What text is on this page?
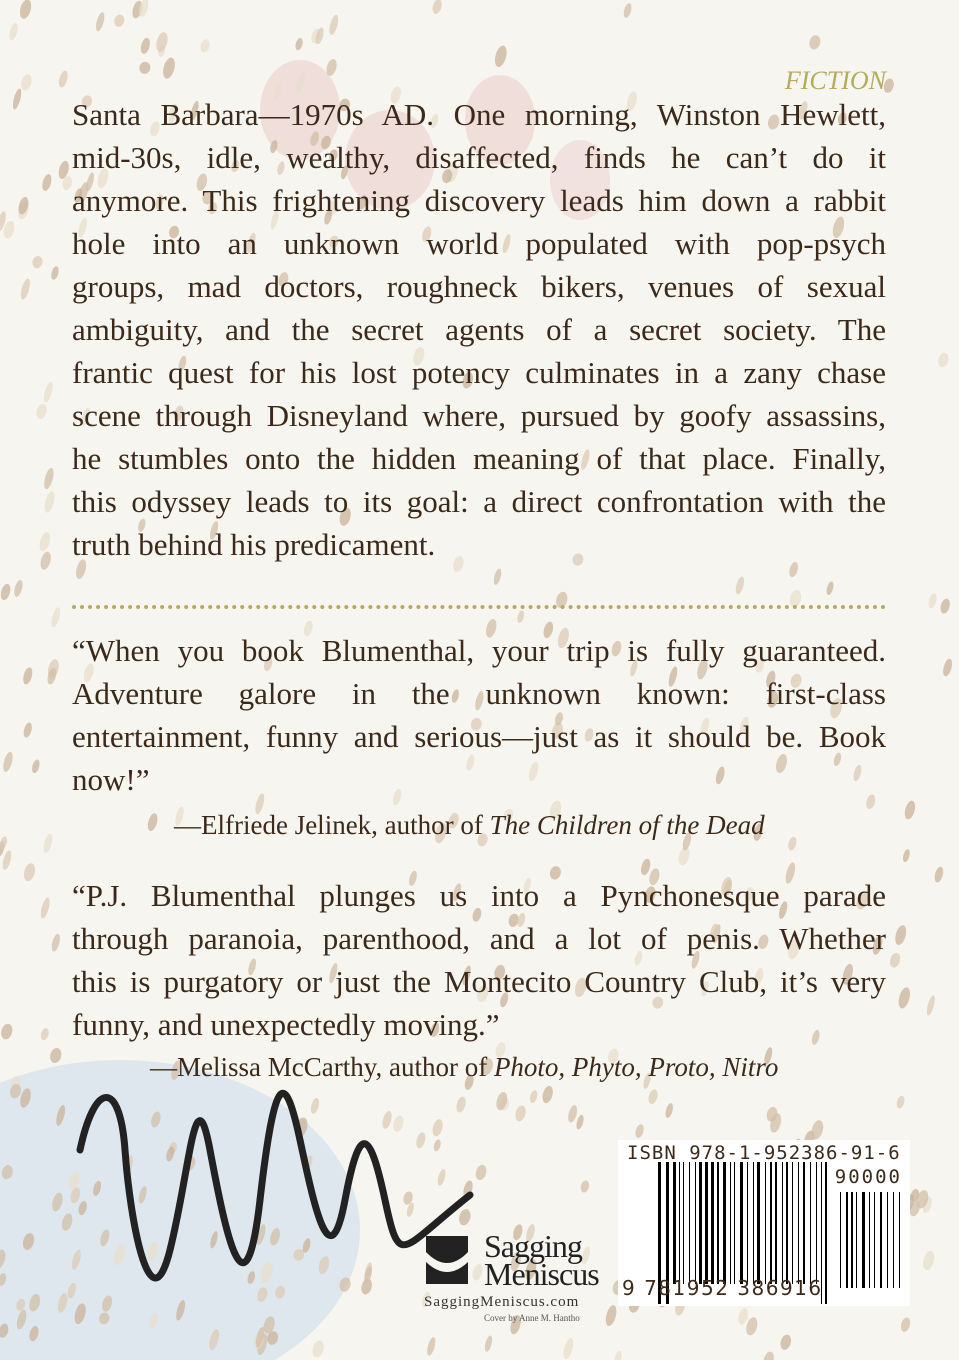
FICTION
Santa Barbara—1970s AD. One morning, Winston Hewlett,
mid-30s, idle, wealthy, disaffected, finds he can’t do it
anymore. This frightening discovery leads him down a rabbit
hole into an unknown world populated with pop-psych
groups, mad doctors, roughneck bikers, venues of sexual
ambiguity, and the secret agents of a secret society. The
frantic quest for his lost potency culminates in a zany chase
scene through Disneyland where, pursued by goofy assassins,
he stumbles onto the hidden meaning of that place. Finally,
this odyssey leads to its goal: a direct confrontation with the
truth behind his predicament.
“When you book Blumenthal, your trip is fully guaranteed.
Adventure galore in the unknown known: first-class
entertainment, funny and serious—just as it should be. Book
now!”
—Elfriede Jelinek, author of The Children of the Dead
“P.J. Blumenthal plunges us into a Pynchonesque parade
through paranoia, parenthood, and a lot of penis. Whether
this is purgatory or just the Montecito Country Club, it’s very
funny, and unexpectedly moving.”
—Melissa McCarthy, author of Photo, Phyto, Proto, Nitro
Sagging
Meniscus
SaggingMeniscus.com
Cover by Anne M. Hantho
ISBN 978-1-952386-91-6
90000
9 781952 386916
